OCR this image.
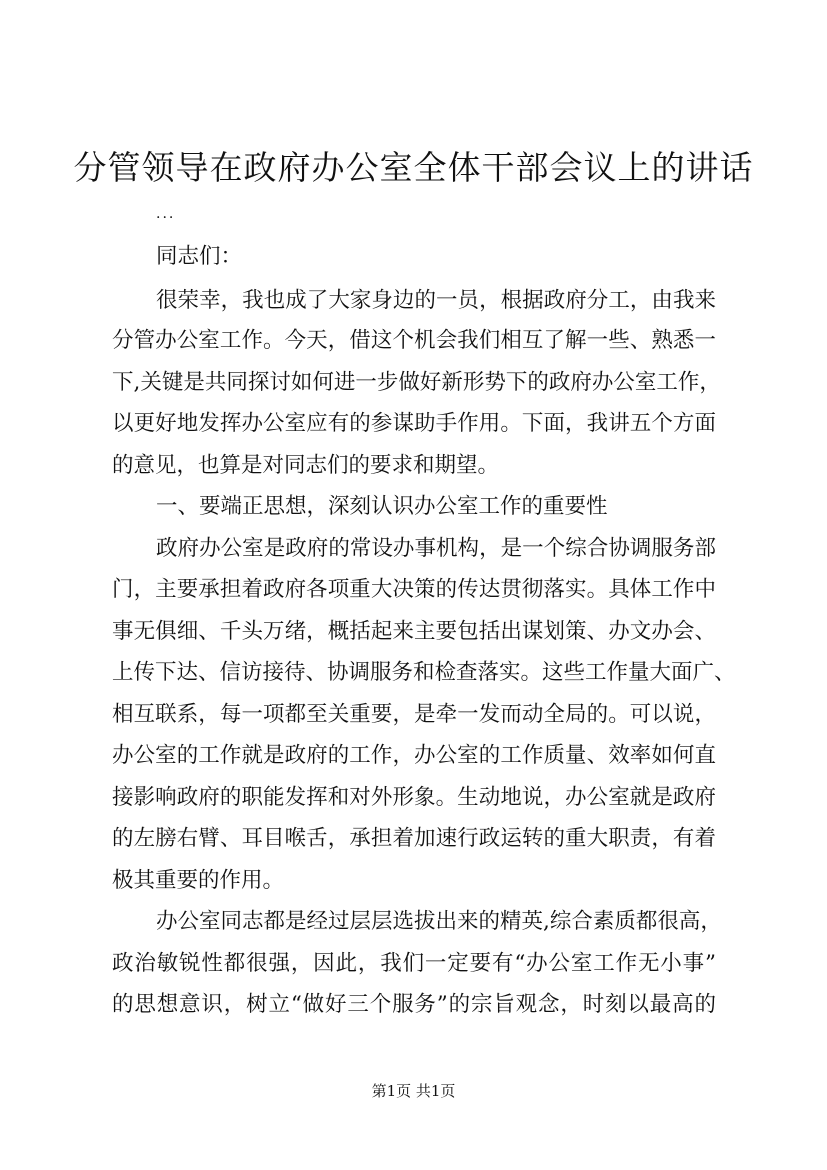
分管领导在政府办公室全体干部会议上的讲话
...
同志们：
很荣幸，我也成了大家身边的一员，根据政府分工，由我来
分管办公室工作。今天，借这个机会我们相互了解一些、熟悉一
下,关键是共同探讨如何进一步做好新形势下的政府办公室工作，
以更好地发挥办公室应有的参谋助手作用。下面，我讲五个方面
的意见，也算是对同志们的要求和期望。
一、要端正思想，深刻认识办公室工作的重要性
政府办公室是政府的常设办事机构，是一个综合协调服务部
门，主要承担着政府各项重大决策的传达贯彻落实。具体工作中
事无俱细、千头万绪，概括起来主要包括出谋划策、办文办会、
上传下达、信访接待、协调服务和检查落实。这些工作量大面广、
相互联系，每一项都至关重要，是牵一发而动全局的。可以说，
办公室的工作就是政府的工作，办公室的工作质量、效率如何直
接影响政府的职能发挥和对外形象。生动地说，办公室就是政府
的左膀右臂、耳目喉舌，承担着加速行政运转的重大职责，有着
极其重要的作用。
办公室同志都是经过层层选拔出来的精英,综合素质都很高，
政治敏锐性都很强，因此，我们一定要有“办公室工作无小事”
的思想意识，树立“做好三个服务”的宗旨观念，时刻以最高的
第1页 共1页
